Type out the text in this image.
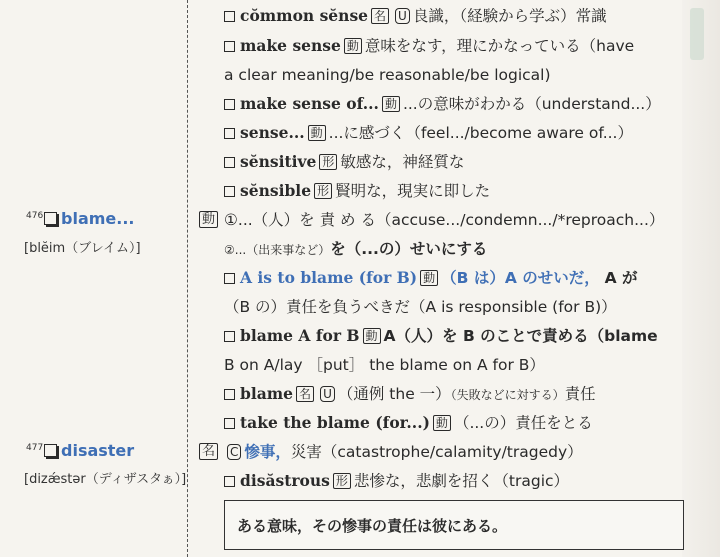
cŏmmon sĕnse 名 U 良識，（経験から学ぶ）常識
make sense 動 意味をなす，理にかなっている（have
a clear meaning/be reasonable/be logical)
make sense of... 動 ...の意味がわかる（understand...）
sense... 動 ...に感づく（feel.../become aware of...）
sĕnsitive 形 敏感な，神経質な
sĕnsible 形 賢明な，現実に即した
476	blame...
[blĕim（ブレイム）]
動 ①...（人）を 責 め る（accuse.../condemn.../*reproach...）
②...（出来事など）を（...の）せいにする
A is to blame (for B) 動 （B は）A のせいだ， A が
（B の）責任を負うべきだ（A is responsible (for B)）
blame A for B 動 A（人）を B のことで責める（blame
B on A/lay ［put］ the blame on A for B）
blame 名 U （通例 the 一）（失敗などに対する）責任
take the blame (for...) 動 （...の）責任をとる
477	disaster
[dizǽstər（ディザスタぁ）]
名	C 惨事，災害（catastrophe/calamity/tragedy）
disăstrous 形 悲惨な，悲劇を招く（tragic）
ある意味，その惨事の責任は彼にある。
